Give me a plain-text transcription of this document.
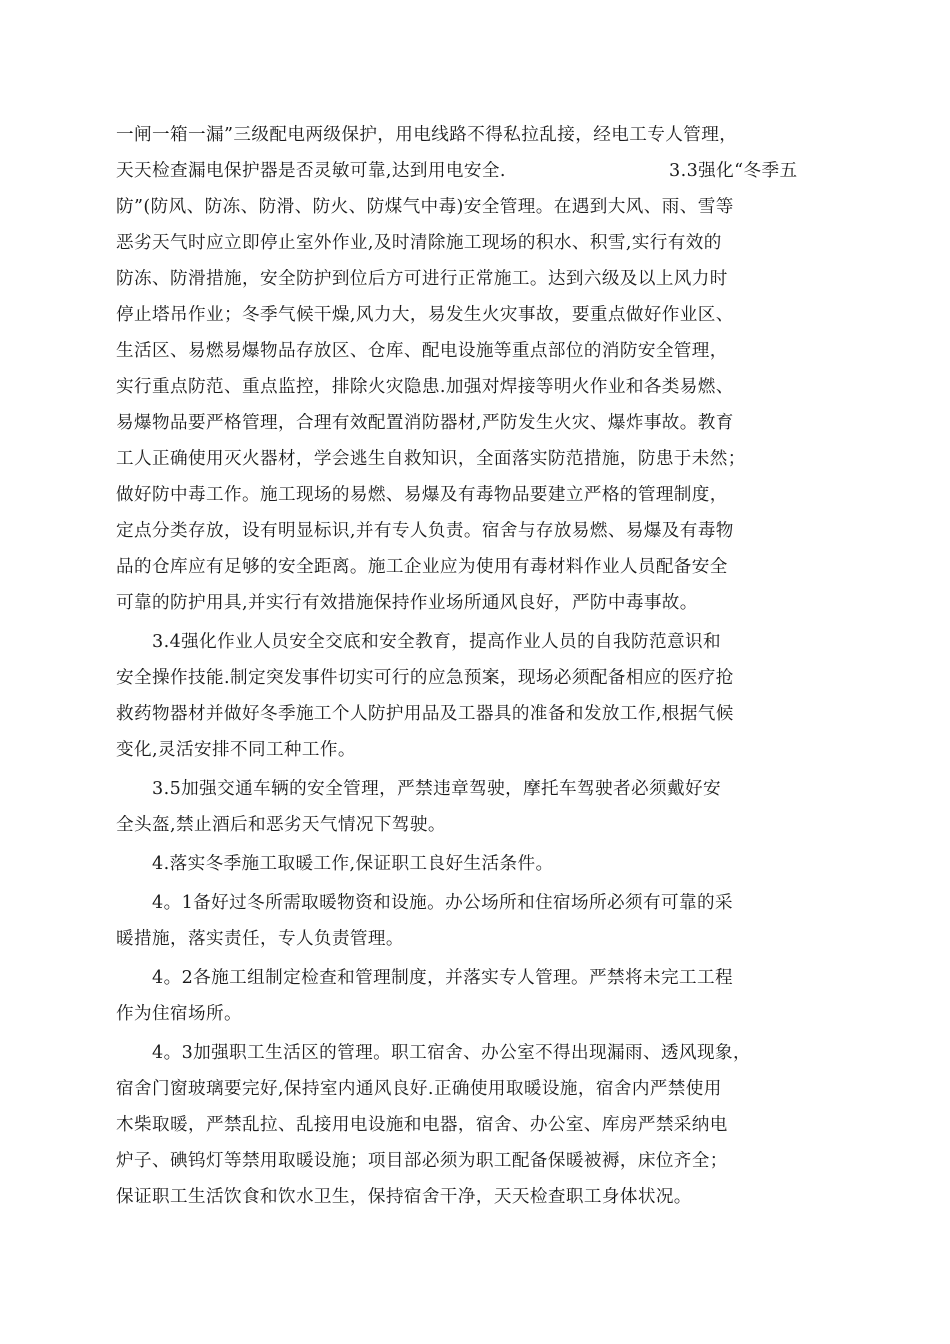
一闸一箱一漏”三级配电两级保护，用电线路不得私拉乱接，经电工专人管理，
天天检查漏电保护器是否灵敏可靠,达到用电安全.	3.3强化“冬季五
防”(防风、防冻、防滑、防火、防煤气中毒)安全管理。在遇到大风、雨、雪等
恶劣天气时应立即停止室外作业,及时清除施工现场的积水、积雪,实行有效的
防冻、防滑措施，安全防护到位后方可进行正常施工。达到六级及以上风力时
停止塔吊作业；冬季气候干燥,风力大，易发生火灾事故，要重点做好作业区、
生活区、易燃易爆物品存放区、仓库、配电设施等重点部位的消防安全管理，
实行重点防范、重点监控，排除火灾隐患.加强对焊接等明火作业和各类易燃、
易爆物品要严格管理，合理有效配置消防器材,严防发生火灾、爆炸事故。教育
工人正确使用灭火器材，学会逃生自救知识，全面落实防范措施，防患于未然；
做好防中毒工作。施工现场的易燃、易爆及有毒物品要建立严格的管理制度，
定点分类存放，设有明显标识,并有专人负责。宿舍与存放易燃、易爆及有毒物
品的仓库应有足够的安全距离。施工企业应为使用有毒材料作业人员配备安全
可靠的防护用具,并实行有效措施保持作业场所通风良好，严防中毒事故。
3.4强化作业人员安全交底和安全教育，提高作业人员的自我防范意识和
安全操作技能.制定突发事件切实可行的应急预案，现场必须配备相应的医疗抢
救药物器材并做好冬季施工个人防护用品及工器具的准备和发放工作,根据气候
变化,灵活安排不同工种工作。
3.5加强交通车辆的安全管理，严禁违章驾驶，摩托车驾驶者必须戴好安
全头盔,禁止酒后和恶劣天气情况下驾驶。
4.落实冬季施工取暖工作,保证职工良好生活条件。
4。1备好过冬所需取暖物资和设施。办公场所和住宿场所必须有可靠的采
暖措施，落实责任，专人负责管理。
4。2各施工组制定检查和管理制度，并落实专人管理。严禁将未完工工程
作为住宿场所。
4。3加强职工生活区的管理。职工宿舍、办公室不得出现漏雨、透风现象，
宿舍门窗玻璃要完好,保持室内通风良好.正确使用取暖设施，宿舍内严禁使用
木柴取暖，严禁乱拉、乱接用电设施和电器，宿舍、办公室、库房严禁采纳电
炉子、碘钨灯等禁用取暖设施；项目部必须为职工配备保暖被褥，床位齐全；
保证职工生活饮食和饮水卫生，保持宿舍干净，天天检查职工身体状况。
